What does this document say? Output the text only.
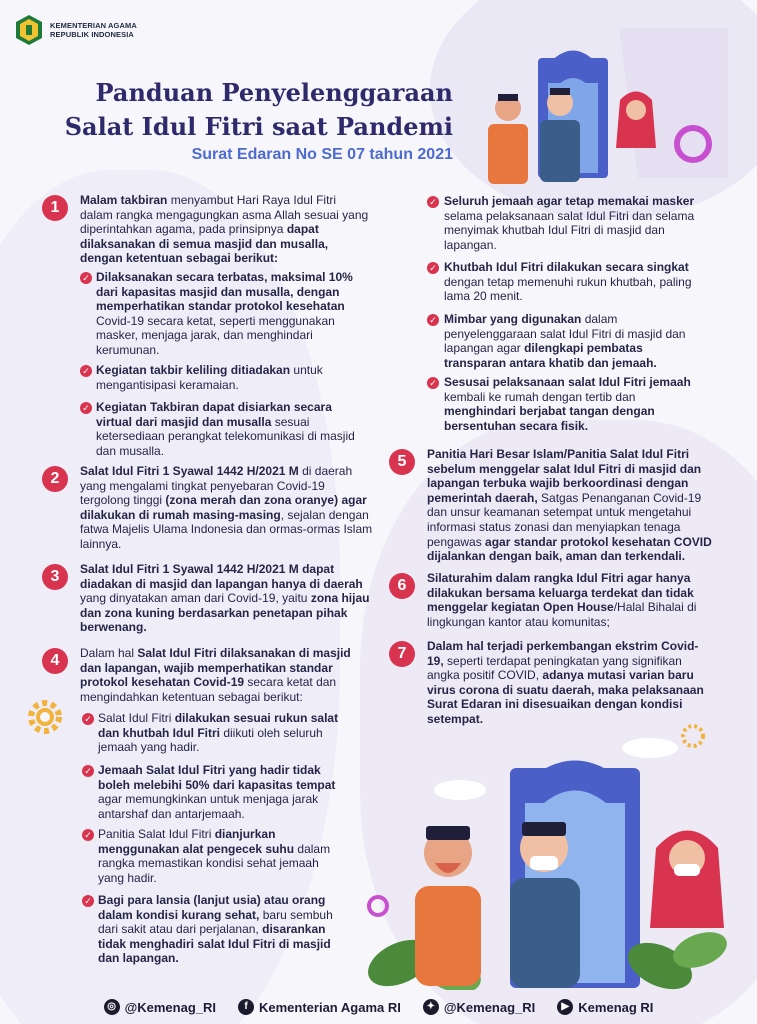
KEMENTERIAN AGAMA
REPUBLIK INDONESIA
Panduan Penyelenggaraan
Salat Idul Fitri saat Pandemi
Surat Edaran No SE 07 tahun 2021
1	Malam takbiran menyambut Hari Raya Idul Fitri dalam rangka mengagungkan asma Allah sesuai yang diperintahkan agama, pada prinsipnya dapat dilaksanakan di semua masjid dan musalla, dengan ketentuan sebagai berikut:
✓ Dilaksanakan secara terbatas, maksimal 10% dari kapasitas masjid dan musalla, dengan memperhatikan standar protokol kesehatan Covid-19 secara ketat, seperti menggunakan masker, menjaga jarak, dan menghindari kerumunan.
✓ Kegiatan takbir keliling ditiadakan untuk mengantisipasi keramaian.
✓ Kegiatan Takbiran dapat disiarkan secara virtual dari masjid dan musalla sesuai ketersediaan perangkat telekomunikasi di masjid dan musalla.
2	Salat Idul Fitri 1 Syawal 1442 H/2021 M di daerah yang mengalami tingkat penyebaran Covid-19 tergolong tinggi (zona merah dan zona oranye) agar dilakukan di rumah masing-masing, sejalan dengan fatwa Majelis Ulama Indonesia dan ormas-ormas Islam lainnya.
3	Salat Idul Fitri 1 Syawal 1442 H/2021 M dapat diadakan di masjid dan lapangan hanya di daerah yang dinyatakan aman dari Covid-19, yaitu zona hijau dan zona kuning berdasarkan penetapan pihak berwenang.
4	Dalam hal Salat Idul Fitri dilaksanakan di masjid dan lapangan, wajib memperhatikan standar protokol kesehatan Covid-19 secara ketat dan mengindahkan ketentuan sebagai berikut:
✓ Salat Idul Fitri dilakukan sesuai rukun salat dan khutbah Idul Fitri diikuti oleh seluruh jemaah yang hadir.
✓ Jemaah Salat Idul Fitri yang hadir tidak boleh melebihi 50% dari kapasitas tempat agar memungkinkan untuk menjaga jarak antarshaf dan antarjemaah.
✓ Panitia Salat Idul Fitri dianjurkan menggunakan alat pengecek suhu dalam rangka memastikan kondisi sehat jemaah yang hadir.
✓ Bagi para lansia (lanjut usia) atau orang dalam kondisi kurang sehat, baru sembuh dari sakit atau dari perjalanan, disarankan tidak menghadiri salat Idul Fitri di masjid dan lapangan.
✓ Seluruh jemaah agar tetap memakai masker selama pelaksanaan salat Idul Fitri dan selama menyimak khutbah Idul Fitri di masjid dan lapangan.
✓ Khutbah Idul Fitri dilakukan secara singkat dengan tetap memenuhi rukun khutbah, paling lama 20 menit.
✓ Mimbar yang digunakan dalam penyelenggaraan salat Idul Fitri di masjid dan lapangan agar dilengkapi pembatas transparan antara khatib dan jemaah.
✓ Sesusai pelaksanaan salat Idul Fitri jemaah kembali ke rumah dengan tertib dan menghindari berjabat tangan dengan bersentuhan secara fisik.
5	Panitia Hari Besar Islam/Panitia Salat Idul Fitri sebelum menggelar salat Idul Fitri di masjid dan lapangan terbuka wajib berkoordinasi dengan pemerintah daerah, Satgas Penanganan Covid-19 dan unsur keamanan setempat untuk mengetahui informasi status zonasi dan menyiapkan tenaga pengawas agar standar protokol kesehatan COVID dijalankan dengan baik, aman dan terkendali.
6	Silaturahim dalam rangka Idul Fitri agar hanya dilakukan bersama keluarga terdekat dan tidak menggelar kegiatan Open House/Halal Bihalai di lingkungan kantor atau komunitas;
7	Dalam hal terjadi perkembangan ekstrim Covid-19, seperti terdapat peningkatan yang signifikan angka positif COVID, adanya mutasi varian baru virus corona di suatu daerah, maka pelaksanaan Surat Edaran ini disesuaikan dengan kondisi setempat.
◎ @Kemenag_RI	f Kementerian Agama RI	✦ @Kemenag_RI	▶ Kemenag RI
